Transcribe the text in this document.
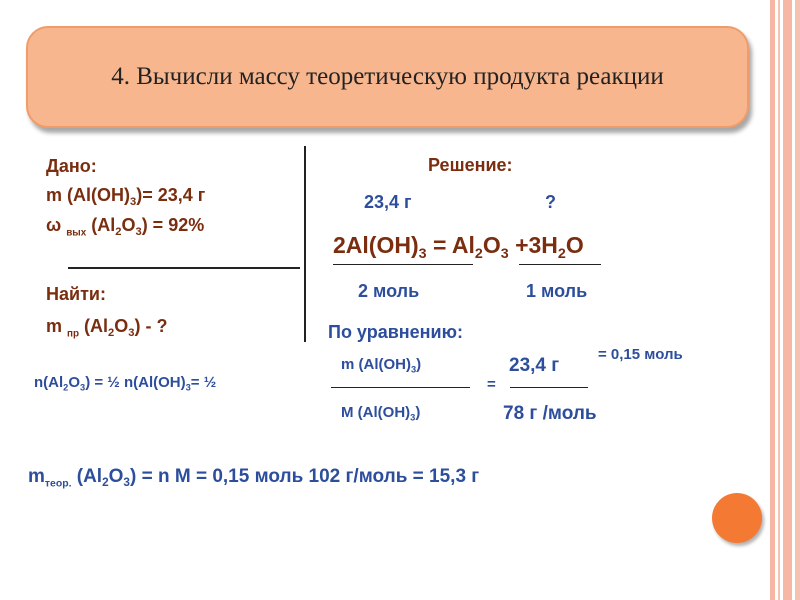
4. Вычисли массу теоретическую продукта реакции
Дано:
m $(Al(OH)_3)= 23,4$ г
ω $_{вых}$ $(Al_2O_3) = 92\%$
Найти:
m $_{пр}$ $(Al_2O_3)$ - ?
Решение:
23,4 г	?
$2Al(OH)_3 = Al_2O_3 +3H_2O$
2 моль	1 моль
По уравнению:
$n(Al_2O_3)$ = ½ $n(Al(OH)_3=$ ½
m $(Al(OH)_3)$
M $(Al(OH)_3)$
=
23,4 г
78 г /моль
= 0,15 моль
$m_{теор.}$ $(Al_2O_3) = n$ M = 0,15 моль 102 г/моль = 15,3 г
